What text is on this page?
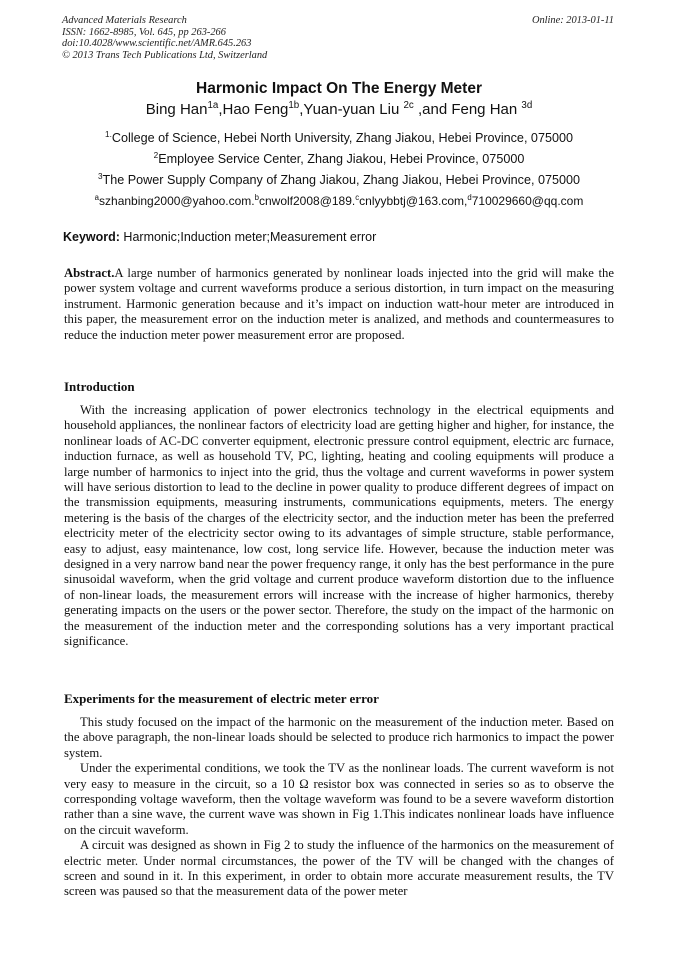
Advanced Materials Research
ISSN: 1662-8985, Vol. 645, pp 263-266
doi:10.4028/www.scientific.net/AMR.645.263
© 2013 Trans Tech Publications Ltd, Switzerland
Online: 2013-01-11
Harmonic Impact On The Energy Meter
Bing Han$^{1a}$,Hao Feng$^{1b}$,Yuan-yuan Liu $^{2c}$ ,and Feng Han $^{3d}$
$^{1.}$College of Science, Hebei North University, Zhang Jiakou, Hebei Province, 075000
$^2$Employee Service Center, Zhang Jiakou, Hebei Province, 075000
$^3$The Power Supply Company of Zhang Jiakou, Zhang Jiakou, Hebei Province, 075000
$^a$szhanbing2000@yahoo.com.$^b$cnwolf2008@189.$^c$cnlyybbtj@163.com,$^d$710029660@qq.com
Keyword: Harmonic;Induction meter;Measurement error

Abstract.A large number of harmonics generated by nonlinear loads injected into the grid will make the power system voltage and current waveforms produce a serious distortion, in turn impact on the measuring instrument. Harmonic generation because and it’s impact on induction watt-hour meter are introduced in this paper, the measurement error on the induction meter is analized, and methods and countermeasures to reduce the induction meter power measurement error are proposed.

Introduction

With the increasing application of power electronics technology in the electrical equipments and household appliances, the nonlinear factors of electricity load are getting higher and higher, for instance, the nonlinear loads of AC-DC converter equipment, electronic pressure control equipment, electric arc furnace, induction furnace, as well as household TV, PC, lighting, heating and cooling equipments will produce a large number of harmonics to inject into the grid, thus the voltage and current waveforms in power system will have serious distortion to lead to the decline in power quality to produce different degrees of impact on the transmission equipments, measuring instruments, communications equipments, meters. The energy metering is the basis of the charges of the electricity sector, and the induction meter has been the preferred electricity meter of the electricity sector owing to its advantages of simple structure, stable performance, easy to adjust, easy maintenance, low cost, long service life. However, because the induction meter was designed in a very narrow band near the power frequency range, it only has the best performance in the pure sinusoidal waveform, when the grid voltage and current produce waveform distortion due to the influence of non-linear loads, the measurement errors will increase with the increase of higher harmonics, thereby generating impacts on the users or the power sector. Therefore, the study on the impact of the harmonic on the measurement of the induction meter and the corresponding solutions has a very important practical significance.

Experiments for the measurement of electric meter error

This study focused on the impact of the harmonic on the measurement of the induction meter. Based on the above paragraph, the non-linear loads should be selected to produce rich harmonics to impact the power system.

Under the experimental conditions, we took the TV as the nonlinear loads. The current waveform is not very easy to measure in the circuit, so a 10 Ω resistor box was connected in series so as to observe the corresponding voltage waveform, then the voltage waveform was found to be a severe waveform distortion rather than a sine wave, the current wave was shown in Fig 1.This indicates nonlinear loads have influence on the circuit waveform.

A circuit was designed as shown in Fig 2 to study the influence of the harmonics on the measurement of electric meter. Under normal circumstances, the power of the TV will be changed with the changes of screen and sound in it. In this experiment, in order to obtain more accurate measurement results, the TV screen was paused so that the measurement data of the power meter
